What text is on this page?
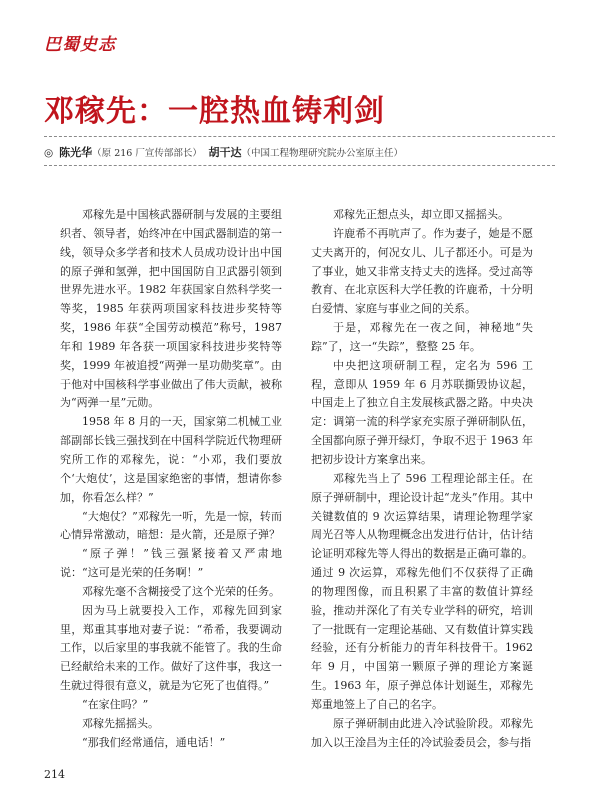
巴蜀史志
邓稼先：一腔热血铸利剑
◎ 陈光华（原 216 厂宣传部部长） 胡干达（中国工程物理研究院办公室原主任）

邓稼先是中国核武器研制与发展的主要组织者、领导者，始终冲在中国武器制造的第一线，领导众多学者和技术人员成功设计出中国的原子弹和氢弹，把中国国防自卫武器引领到世界先进水平。1982 年获国家自然科学奖一等奖，1985 年获两项国家科技进步奖特等奖，1986 年获“全国劳动模范”称号，1987 年和 1989 年各获一项国家科技进步奖特等奖，1999 年被追授“两弹一星功勋奖章”。由于他对中国核科学事业做出了伟大贡献，被称为“两弹一星”元勋。

1958 年 8 月的一天，国家第二机械工业部副部长钱三强找到在中国科学院近代物理研究所工作的邓稼先，说：“小邓，我们要放个‘大炮仗’，这是国家绝密的事情，想请你参加，你看怎么样？”

“大炮仗？”邓稼先一听，先是一惊，转而心情异常激动，暗想：是火箭，还是原子弹？

“原子弹！”钱三强紧接着又严肃地说：“这可是光荣的任务啊！”

邓稼先毫不含糊接受了这个光荣的任务。

因为马上就要投入工作，邓稼先回到家里，郑重其事地对妻子说：“希希，我要调动工作，以后家里的事我就不能管了。我的生命已经献给未来的工作。做好了这件事，我这一生就过得很有意义，就是为它死了也值得。”

“在家住吗？”

邓稼先摇摇头。

“那我们经常通信，通电话！”

邓稼先正想点头，却立即又摇摇头。

许鹿希不再吭声了。作为妻子，她是不愿丈夫离开的，何况女儿、儿子都还小。可是为了事业，她又非常支持丈夫的选择。受过高等教育、在北京医科大学任教的许鹿希，十分明白爱情、家庭与事业之间的关系。

于是，邓稼先在一夜之间，神秘地“失踪”了，这一“失踪”，整整 25 年。

中央把这项研制工程，定名为 596 工程，意即从 1959 年 6 月苏联撕毁协议起，中国走上了独立自主发展核武器之路。中央决定：调第一流的科学家充实原子弹研制队伍，全国都向原子弹开绿灯，争取不迟于 1963 年把初步设计方案拿出来。

邓稼先当上了 596 工程理论部主任。在原子弹研制中，理论设计起“龙头”作用。其中关键数值的 9 次运算结果，请理论物理学家周光召等人从物理概念出发进行估计，估计结论证明邓稼先等人得出的数据是正确可靠的。通过 9 次运算，邓稼先他们不仅获得了正确的物理图像，而且积累了丰富的数值计算经验，推动并深化了有关专业学科的研究，培训了一批既有一定理论基础、又有数值计算实践经验，还有分析能力的青年科技骨干。1962 年 9 月，中国第一颗原子弹的理论方案诞生。1963 年，原子弹总体计划诞生，邓稼先郑重地签上了自己的名字。

原子弹研制由此进入冷试验阶段。邓稼先加入以王淦昌为主任的冷试验委员会，参与指

214
